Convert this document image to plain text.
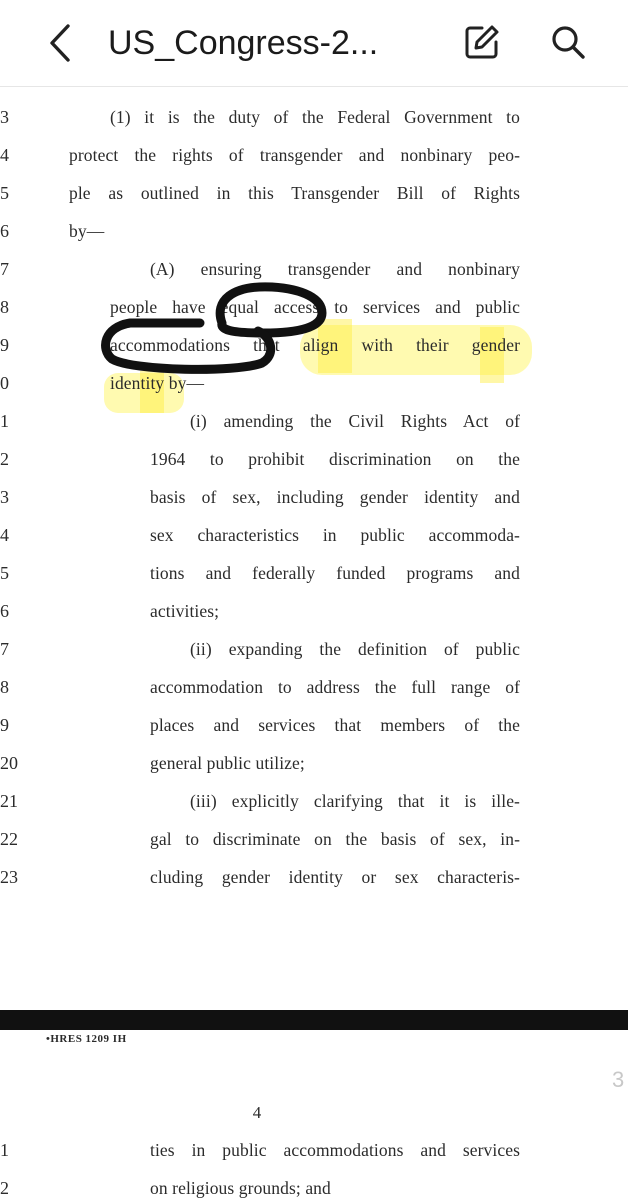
US_Congress-2...
3
4
5
6
7
8
9
0
1
2
3
4
5
6
7
8
9
20
21
22
23
(1) it is the duty of the Federal Government to
protect the rights of transgender and nonbinary peo-
ple as outlined in this Transgender Bill of Rights
by—
(A) ensuring transgender and nonbinary
people have equal access to services and public
accommodations that align with their gender
identity by—
(i) amending the Civil Rights Act of
1964 to prohibit discrimination on the
basis of sex, including gender identity and
sex characteristics in public accommoda-
tions and federally funded programs and
activities;
(ii) expanding the definition of public
accommodation to address the full range of
places and services that members of the
general public utilize;
(iii) explicitly clarifying that it is ille-
gal to discriminate on the basis of sex, in-
cluding gender identity or sex characteris-
•HRES 1209 IH
3
4
1
2
ties in public accommodations and services
on religious grounds; and
